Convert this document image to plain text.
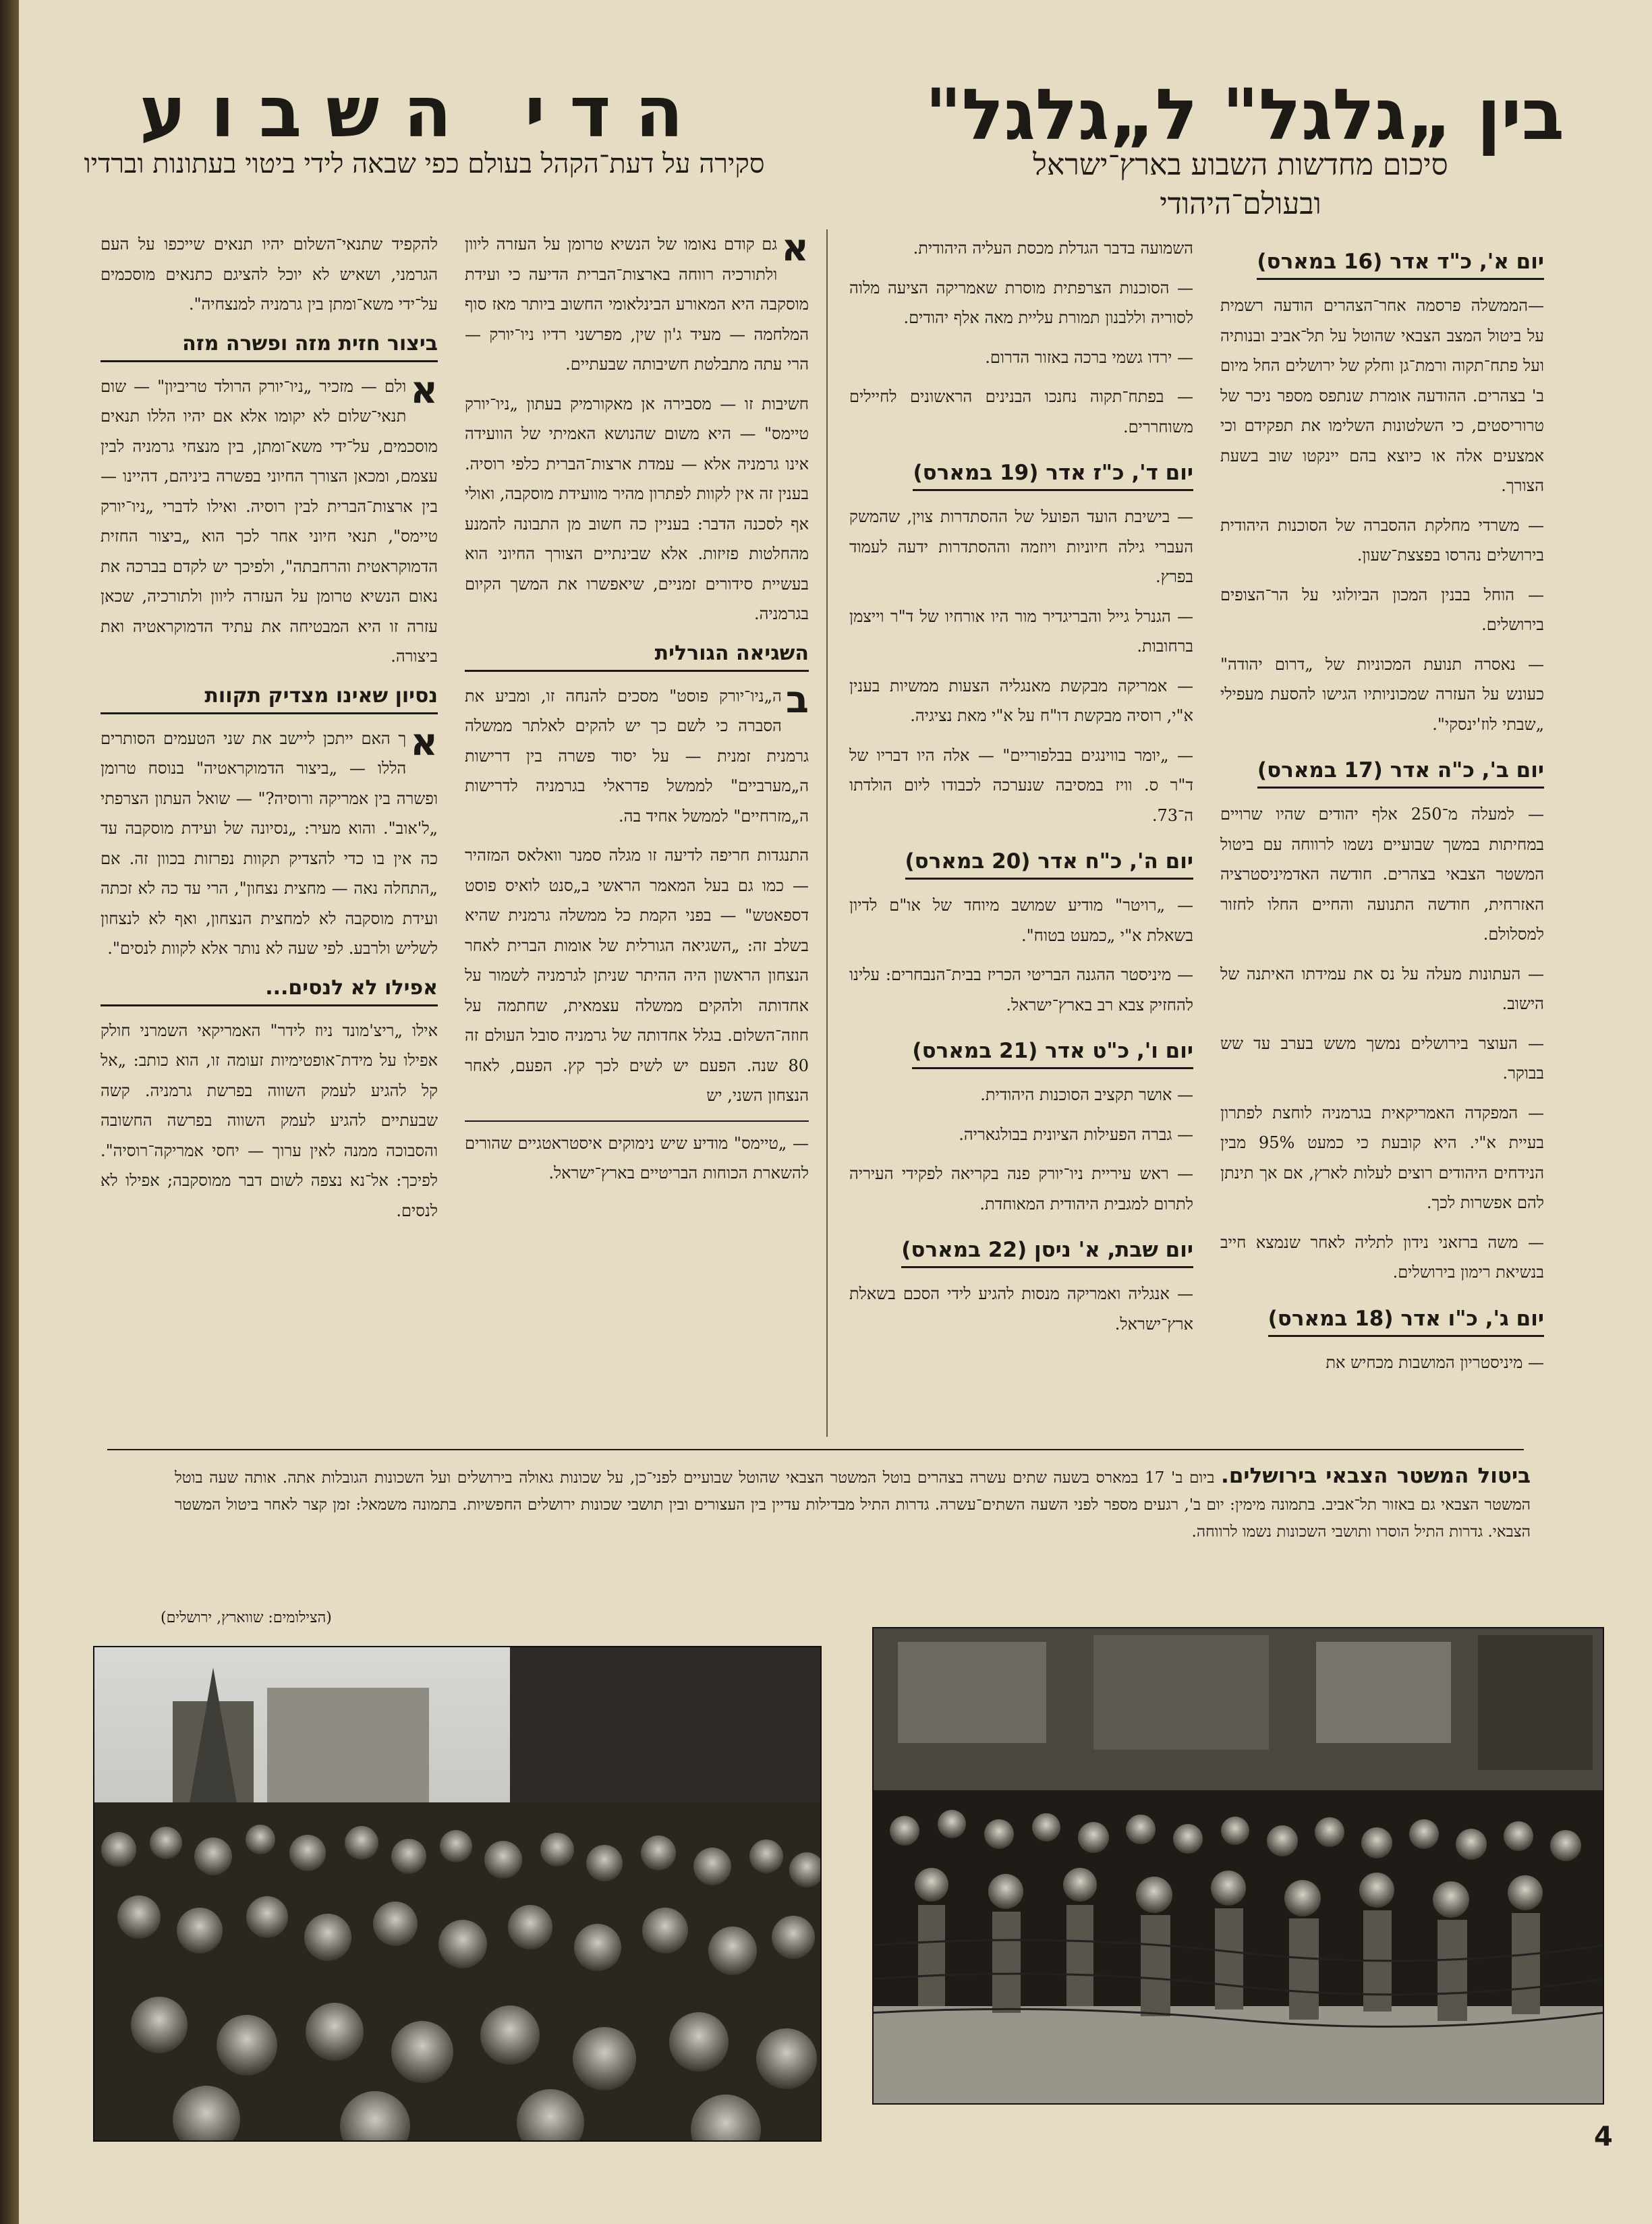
בין „גלגל" ל„גלגל"
סיכום מחדשות השבוע בארץ־ישראל
ובעולם־היהודי
הדי השבוע
סקירה על דעת־הקהל בעולם כפי שבאה לידי ביטוי בעתונות וברדיו
יום א', כ"ד אדר (16 במארס)

—הממשלה פרסמה אחר־הצהרים הודעה רשמית על ביטול המצב הצבאי שהוטל על תל־אביב ובנותיה ועל פתח־תקוה ורמת־גן וחלק של ירושלים החל מיום ב' בצהרים. ההודעה אומרת שנתפס מספר ניכר של טרוריסטים, כי השלטונות השלימו את תפקידם וכי אמצעים אלה או כיוצא בהם יינקטו שוב בשעת הצורך.

— משרדי מחלקת ההסברה של הסוכנות היהודית בירושלים נהרסו בפצצת־שעון.

— הוחל בבנין המכון הביולוגי על הר־הצופים בירושלים.

— נאסרה תנועת המכוניות של „דרום יהודה" כעונש על העזרה שמכוניותיו הגישו להסעת מעפילי „שבתי לוז'ינסקי".

יום ב', כ"ה אדר (17 במארס)

— למעלה מ־250 אלף יהודים שהיו שרויים במחיתות במשך שבועיים נשמו לרווחה עם ביטול המשטר הצבאי בצהרים. חודשה האדמיניסטרציה האזרחית, חודשה התנועה והחיים החלו לחזור למסלולם.

— העתונות מעלה על נס את עמידתו האיתנה של הישוב.

— העוצר בירושלים נמשך משש בערב עד שש בבוקר.

— המפקדה האמריקאית בגרמניה לוחצת לפתרון בעיית א"י. היא קובעת כי כמעט 95% מבין הנידחים היהודים רוצים לעלות לארץ, אם אך תינתן להם אפשרות לכך.

— משה ברזאני נידון לתליה לאחר שנמצא חייב בנשיאת רימון בירושלים.

יום ג', כ"ו אדר (18 במארס)

— מיניסטריון המושבות מכחיש את

השמועה בדבר הגדלת מכסת העליה היהודית.

— הסוכנות הצרפתית מוסרת שאמריקה הציעה מלוה לסוריה וללבנון תמורת עליית מאה אלף יהודים.

— ירדו גשמי ברכה באזור הדרום.

— בפתח־תקוה נחנכו הבנינים הראשונים לחיילים משוחררים.

יום ד', כ"ז אדר (19 במארס)

— בישיבת הועד הפועל של ההסתדרות צוין, שהמשק העברי גילה חיוניות ויוזמה וההסתדרות ידעה לעמוד בפרץ.

— הגנרל גייל והבריגדיר מור היו אורחיו של ד"ר וייצמן ברחובות.

— אמריקה מבקשת מאנגליה הצעות ממשיות בענין א"י, רוסיה מבקשת דו"ח על א"י מאת נציגיה.

— „יומר בווינגים בבלפוריים" — אלה היו דבריו של ד"ר ס. וויז במסיבה שנערכה לכבודו ליום הולדתו ה־73.

יום ה', כ"ח אדר (20 במארס)

— „רויטר" מודיע שמושב מיוחד של או"ם לדיון בשאלת א"י „כמעט בטוח".

— מיניסטר ההגנה הבריטי הכריז בבית־הנבחרים: עלינו להחזיק צבא רב בארץ־ישראל.

יום ו', כ"ט אדר (21 במארס)

— אושר תקציב הסוכנות היהודית.

— גברה הפעילות הציונית בבולגאריה.

— ראש עיריית ניו־יורק פנה בקריאה לפקידי העיריה לתרום למגבית היהודית המאוחדת.

יום שבת, א' ניסן (22 במארס)

— אנגליה ואמריקה מנסות להגיע לידי הסכם בשאלת ארץ־ישראל.

א
גם קודם נאומו של הנשיא טרומן על העזרה ליוון ולתורכיה רווחה בארצות־הברית הדיעה כי ועידת מוסקבה היא המאורע הבינלאומי החשוב ביותר מאז סוף המלחמה — מעיד ג'ון שין, מפרשני רדיו ניו־יורק — הרי עתה מתבלטת חשיבותה שבעתיים.

חשיבות זו — מסבירה אן מאקורמיק בעתון „ניו־יורק טיימס" — היא משום שהנושא האמיתי של הוועידה אינו גרמניה אלא — עמדת ארצות־הברית כלפי רוסיה. בענין זה אין לקוות לפתרון מהיר מוועידת מוסקבה, ואולי אף לסכנה הדבר: בעניין כה חשוב מן התבונה להמנע מהחלטות פזיזות. אלא שבינתיים הצורך החיוני הוא בעשיית סידורים זמניים, שיאפשרו את המשך הקיום בגרמניה.

השגיאה הגורלית

ב
ה„ניו־יורק פוסט" מסכים להנחה זו, ומביע את הסברה כי לשם כך יש להקים לאלתר ממשלה גרמנית זמנית — על יסוד פשרה בין דרישות ה„מערביים" לממשל פדראלי בגרמניה לדרישות ה„מזרחיים" לממשל אחיד בה.

התנגדות חריפה לדיעה זו מגלה סמנר וואלאס המזהיר — כמו גם בעל המאמר הראשי ב„סנט לואיס פוסט דספאטש" — בפני הקמת כל ממשלה גרמנית שהיא בשלב זה: „השגיאה הגורלית של אומות הברית לאחר הנצחון הראשון היה ההיתר שניתן לגרמניה לשמור על אחדותה ולהקים ממשלה עצמאית, שחתמה על חוזה־השלום. בגלל אחדותה של גרמניה סובל העולם זה 80 שנה. הפעם יש לשים לכך קץ. הפעם, לאחר הנצחון השני, יש

— „טיימס" מודיע שיש נימוקים איסטראטגיים שהורים להשארת הכוחות הבריטיים בארץ־ישראל.

להקפיד שתנאי־השלום יהיו תנאים שייכפו על העם הגרמני, ושאיש לא יוכל להציגם כתנאים מוסכמים על־ידי משא־ומתן בין גרמניה למנצחיה".

ביצור חזית מזה ופשרה מזה

א
ולם — מזכיר „ניו־יורק הרולד טריביון" — שום תנאי־שלום לא יקומו אלא אם יהיו הללו תנאים מוסכמים, על־ידי משא־ומתן, בין מנצחי גרמניה לבין עצמם, ומכאן הצורך החיוני בפשרה ביניהם, דהיינו — בין ארצות־הברית לבין רוסיה. ואילו לדברי „ניו־יורק טיימס", תנאי חיוני אחר לכך הוא „ביצור החזית הדמוקראטית והרחבתה", ולפיכך יש לקדם בברכה את נאום הנשיא טרומן על העזרה ליוון ולתורכיה, שכאן עזרה זו היא המבטיחה את עתיד הדמוקראטיה ואת ביצורה.

נסיון שאינו מצדיק תקוות

א
ך האם ייתכן ליישב את שני הטעמים הסותרים הללו — „ביצור הדמוקראטיה" בנוסח טרומן ופשרה בין אמריקה ורוסיה?" — שואל העתון הצרפתי „ל'אוב". והוא מעיר: „נסיונה של ועידת מוסקבה עד כה אין בו כדי להצדיק תקוות נפרזות בכוון זה. אם „התחלה נאה — מחצית נצחון", הרי עד כה לא זכתה ועידת מוסקבה לא למחצית הנצחון, ואף לא לנצחון לשליש ולרבע. לפי שעה לא נותר אלא לקוות לנסים".

אפילו לא לנסים...

אילו „ריצ'מונד ניוז לידר" האמריקאי השמרני חולק אפילו על מידת־אופטימיות זעומה זו, הוא כותב: „אל קל להגיע לעמק השווה בפרשת גרמניה. קשה שבעתיים להגיע לעמק השווה בפרשה החשובה והסבוכה ממנה לאין ערוך — יחסי אמריקה־רוסיה". לפיכך: אל־נא נצפה לשום דבר ממוסקבה; אפילו לא לנסים.

ביטול המשטר הצבאי בירושלים. ביום ב' 17 במארס בשעה שתים עשרה בצהרים בוטל המשטר הצבאי שהוטל שבועיים לפני־כן, על שכונות גאולה בירושלים ועל השכונות הגובלות אתה. אותה שעה בוטל המשטר הצבאי גם באזור תל־אביב. בתמונה מימין: יום ב', רגעים מספר לפני השעה השתים־עשרה. גדרות התיל מבדילות עדיין בין העצורים ובין תושבי שכונות ירושלים החפשיות. בתמונה משמאל: זמן קצר לאחר ביטול המשטר הצבאי. גדרות התיל הוסרו ותושבי השכונות נשמו לרווחה.
(הצילומים: שווארץ, ירושלים)
4
